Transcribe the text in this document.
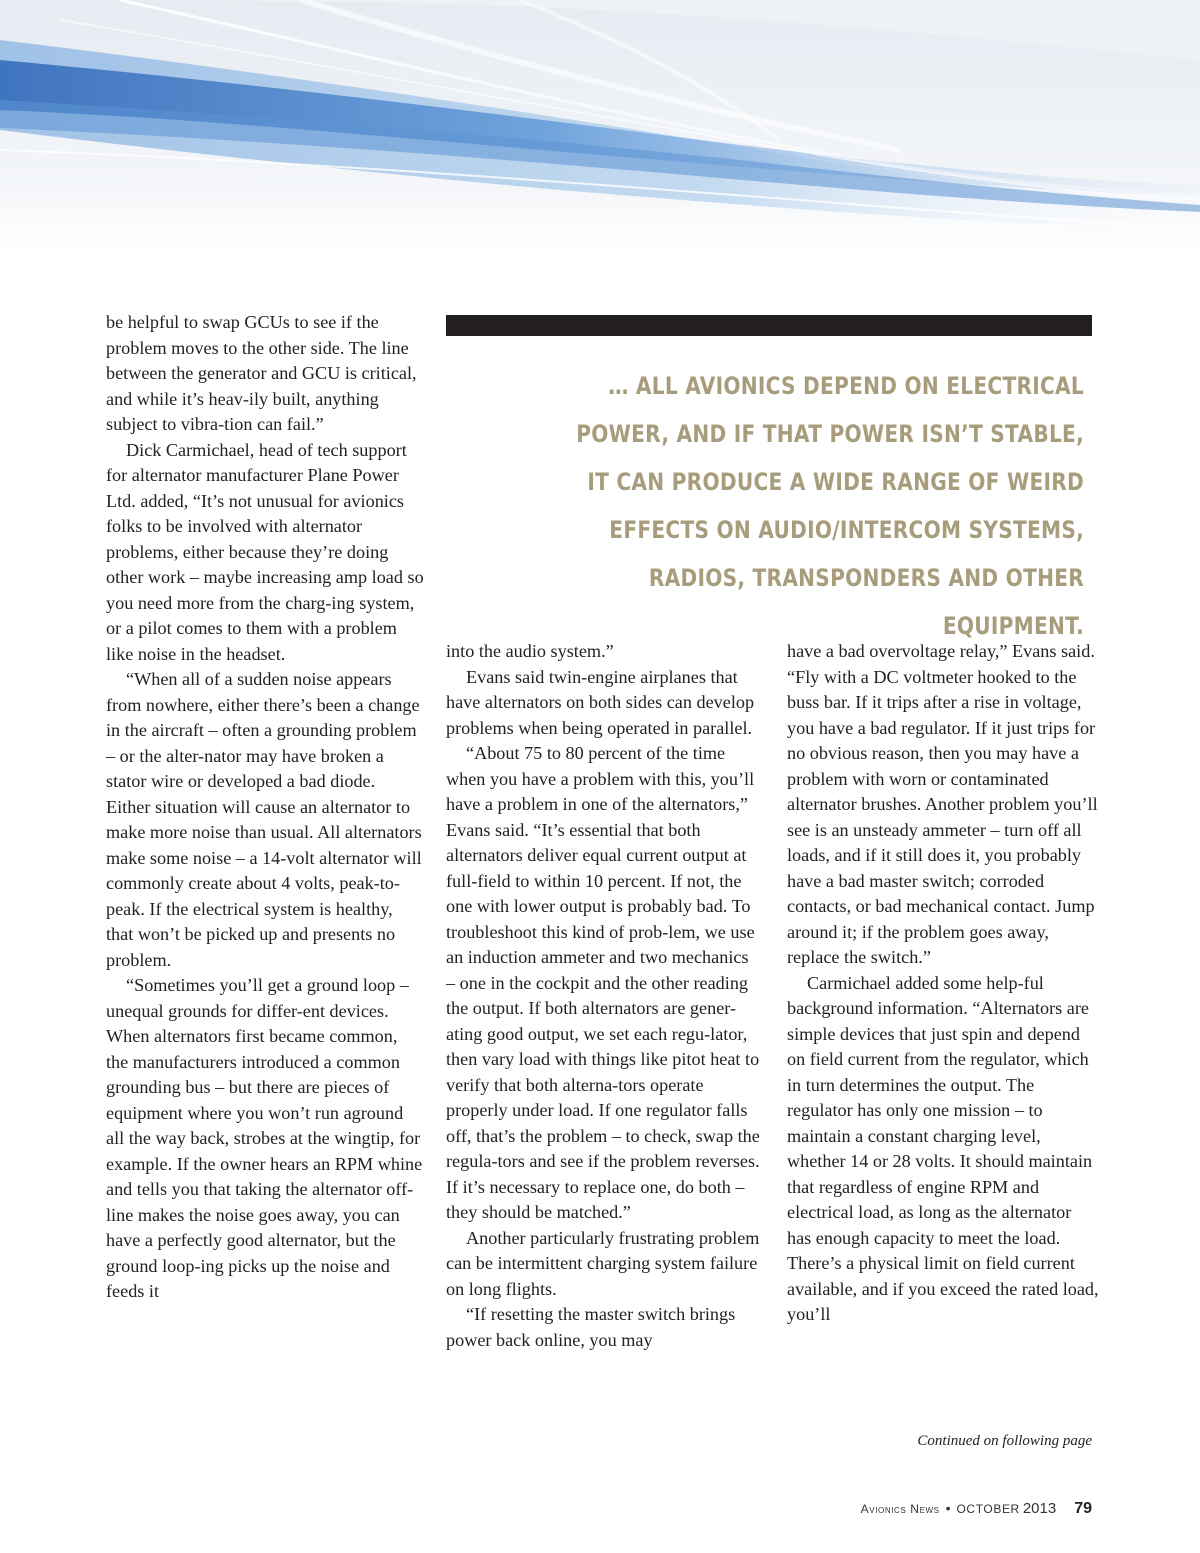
be helpful to swap GCUs to see if the problem moves to the other side. The line between the generator and GCU is critical, and while it’s heav-ily built, anything subject to vibra-tion can fail.”

Dick Carmichael, head of tech support for alternator manufacturer Plane Power Ltd. added, “It’s not unusual for avionics folks to be involved with alternator problems, either because they’re doing other work – maybe increasing amp load so you need more from the charg-ing system, or a pilot comes to them with a problem like noise in the headset.

“When all of a sudden noise appears from nowhere, either there’s been a change in the aircraft – often a grounding problem – or the alter-nator may have broken a stator wire or developed a bad diode. Either situation will cause an alternator to make more noise than usual. All alternators make some noise – a 14-volt alternator will commonly create about 4 volts, peak-to-peak. If the electrical system is healthy, that won’t be picked up and presents no problem.

“Sometimes you’ll get a ground loop – unequal grounds for differ-ent devices. When alternators first became common, the manufacturers introduced a common grounding bus – but there are pieces of equipment where you won’t run aground all the way back, strobes at the wingtip, for example. If the owner hears an RPM whine and tells you that taking the alternator off-line makes the noise goes away, you can have a perfectly good alternator, but the ground loop-ing picks up the noise and feeds it

… ALL AVIONICS DEPEND ON ELECTRICAL POWER, AND IF THAT POWER ISN’T STABLE, IT CAN PRODUCE A WIDE RANGE OF WEIRD EFFECTS ON AUDIO/INTERCOM SYSTEMS, RADIOS, TRANSPONDERS AND OTHER EQUIPMENT.

into the audio system.”

Evans said twin-engine airplanes that have alternators on both sides can develop problems when being operated in parallel.

“About 75 to 80 percent of the time when you have a problem with this, you’ll have a problem in one of the alternators,” Evans said. “It’s essential that both alternators deliver equal current output at full-field to within 10 percent. If not, the one with lower output is probably bad. To troubleshoot this kind of prob-lem, we use an induction ammeter and two mechanics – one in the cockpit and the other reading the output. If both alternators are gener-ating good output, we set each regu-lator, then vary load with things like pitot heat to verify that both alterna-tors operate properly under load. If one regulator falls off, that’s the problem – to check, swap the regula-tors and see if the problem reverses. If it’s necessary to replace one, do both – they should be matched.”

Another particularly frustrating problem can be intermittent charging system failure on long flights.

“If resetting the master switch brings power back online, you may

have a bad overvoltage relay,” Evans said. “Fly with a DC voltmeter hooked to the buss bar. If it trips after a rise in voltage, you have a bad regulator. If it just trips for no obvious reason, then you may have a problem with worn or contaminated alternator brushes. Another problem you’ll see is an unsteady ammeter – turn off all loads, and if it still does it, you probably have a bad master switch; corroded contacts, or bad mechanical contact. Jump around it; if the problem goes away, replace the switch.”

Carmichael added some help-ful background information. “Alternators are simple devices that just spin and depend on field current from the regulator, which in turn determines the output. The regulator has only one mission – to maintain a constant charging level, whether 14 or 28 volts. It should maintain that regardless of engine RPM and electrical load, as long as the alternator has enough capacity to meet the load. There’s a physical limit on field current available, and if you exceed the rated load, you’ll

Continued on following page
Avionics News • OCTOBER 2013 79
